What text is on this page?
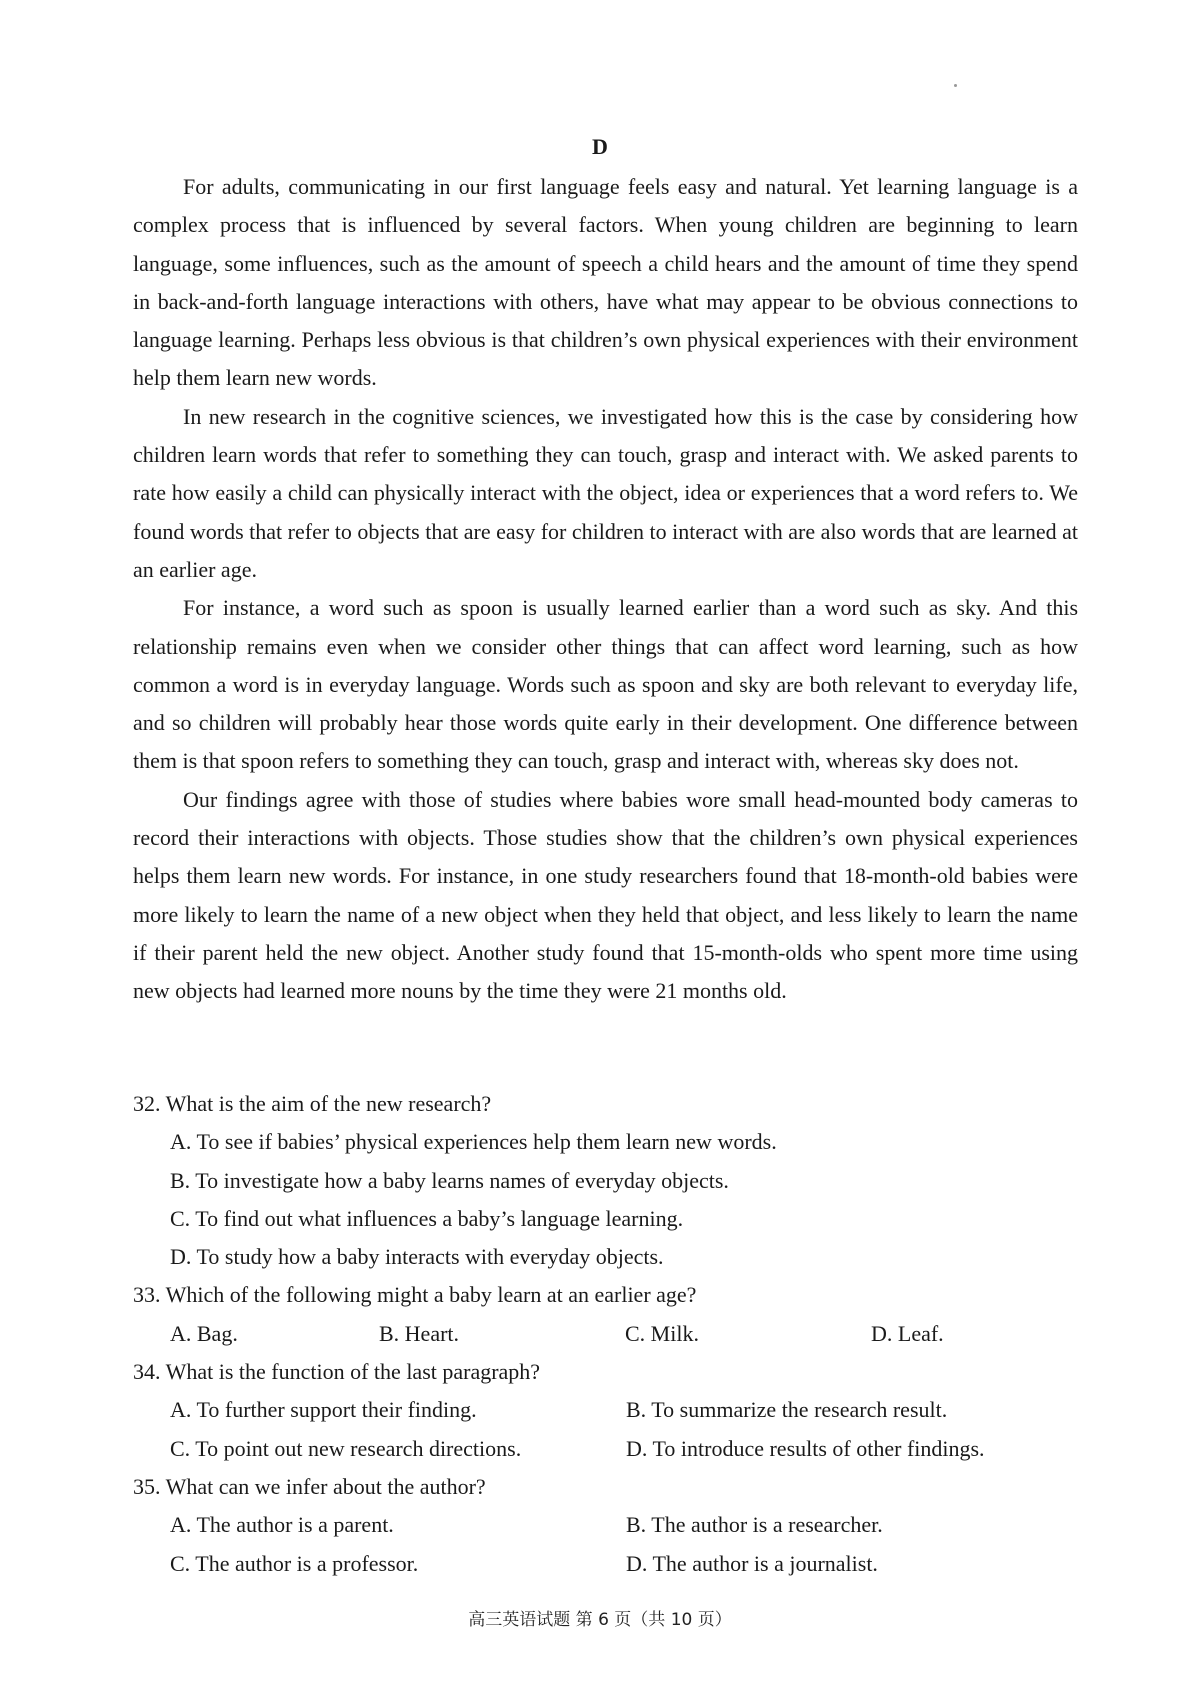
D

For adults, communicating in our first language feels easy and natural. Yet learning language is a complex process that is influenced by several factors. When young children are beginning to learn language, some influences, such as the amount of speech a child hears and the amount of time they spend in back-and-forth language interactions with others, have what may appear to be obvious connections to language learning. Perhaps less obvious is that children’s own physical experiences with their environment help them learn new words.

In new research in the cognitive sciences, we investigated how this is the case by considering how children learn words that refer to something they can touch, grasp and interact with. We asked parents to rate how easily a child can physically interact with the object, idea or experiences that a word refers to. We found words that refer to objects that are easy for children to interact with are also words that are learned at an earlier age.

For instance, a word such as spoon is usually learned earlier than a word such as sky. And this relationship remains even when we consider other things that can affect word learning, such as how common a word is in everyday language. Words such as spoon and sky are both relevant to everyday life, and so children will probably hear those words quite early in their development. One difference between them is that spoon refers to something they can touch, grasp and interact with, whereas sky does not.

Our findings agree with those of studies where babies wore small head-mounted body cameras to record their interactions with objects. Those studies show that the children’s own physical experiences helps them learn new words. For instance, in one study researchers found that 18-month-old babies were more likely to learn the name of a new object when they held that object, and less likely to learn the name if their parent held the new object. Another study found that 15-month-olds who spent more time using new objects had learned more nouns by the time they were 21 months old.

32. What is the aim of the new research?

A. To see if babies’ physical experiences help them learn new words.

B. To investigate how a baby learns names of everyday objects.

C. To find out what influences a baby’s language learning.

D. To study how a baby interacts with everyday objects.

33. Which of the following might a baby learn at an earlier age?

A. Bag.	B. Heart.	C. Milk.	D. Leaf.

34. What is the function of the last paragraph?

A. To further support their finding.	B. To summarize the research result.
C. To point out new research directions.	D. To introduce results of other findings.

35. What can we infer about the author?

A. The author is a parent.	B. The author is a researcher.
C. The author is a professor.	D. The author is a journalist.
高三英语试题 第 6 页（共 10 页）
